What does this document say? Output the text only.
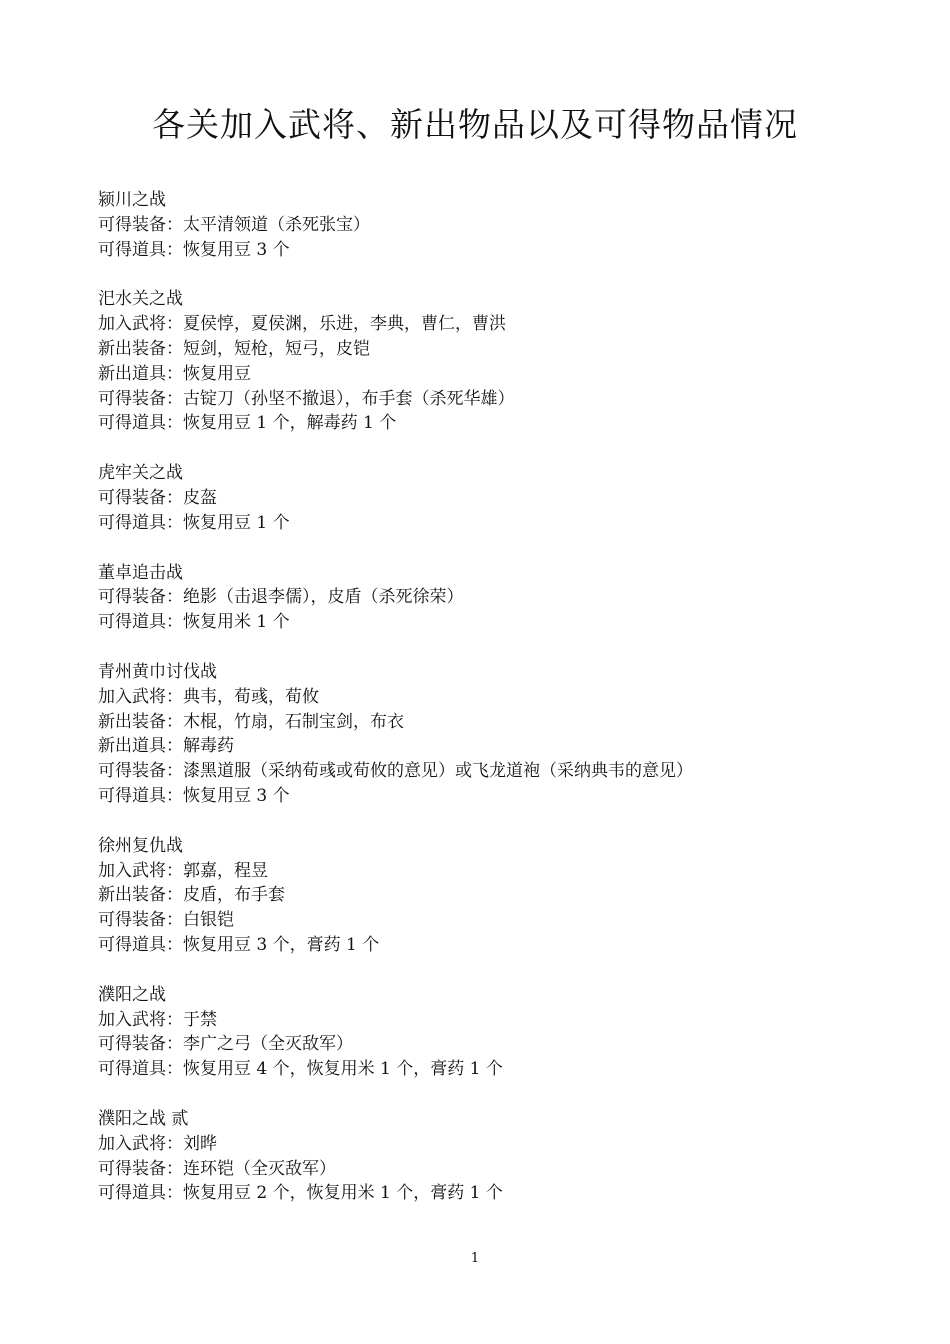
各关加入武将、新出物品以及可得物品情况
颍川之战
可得装备：太平清领道（杀死张宝）
可得道具：恢复用豆 3 个
汜水关之战
加入武将：夏侯惇，夏侯渊，乐进，李典，曹仁，曹洪
新出装备：短剑，短枪，短弓，皮铠
新出道具：恢复用豆
可得装备：古锭刀（孙坚不撤退），布手套（杀死华雄）
可得道具：恢复用豆 1 个，解毒药 1 个
虎牢关之战
可得装备：皮盔
可得道具：恢复用豆 1 个
董卓追击战
可得装备：绝影（击退李儒），皮盾（杀死徐荣）
可得道具：恢复用米 1 个
青州黄巾讨伐战
加入武将：典韦，荀彧，荀攸
新出装备：木棍，竹扇，石制宝剑，布衣
新出道具：解毒药
可得装备：漆黑道服（采纳荀彧或荀攸的意见）或飞龙道袍（采纳典韦的意见）
可得道具：恢复用豆 3 个
徐州复仇战
加入武将：郭嘉，程昱
新出装备：皮盾，布手套
可得装备：白银铠
可得道具：恢复用豆 3 个，膏药 1 个
濮阳之战
加入武将：于禁
可得装备：李广之弓（全灭敌军）
可得道具：恢复用豆 4 个，恢复用米 1 个，膏药 1 个
濮阳之战 贰
加入武将：刘晔
可得装备：连环铠（全灭敌军）
可得道具：恢复用豆 2 个，恢复用米 1 个，膏药 1 个
1
